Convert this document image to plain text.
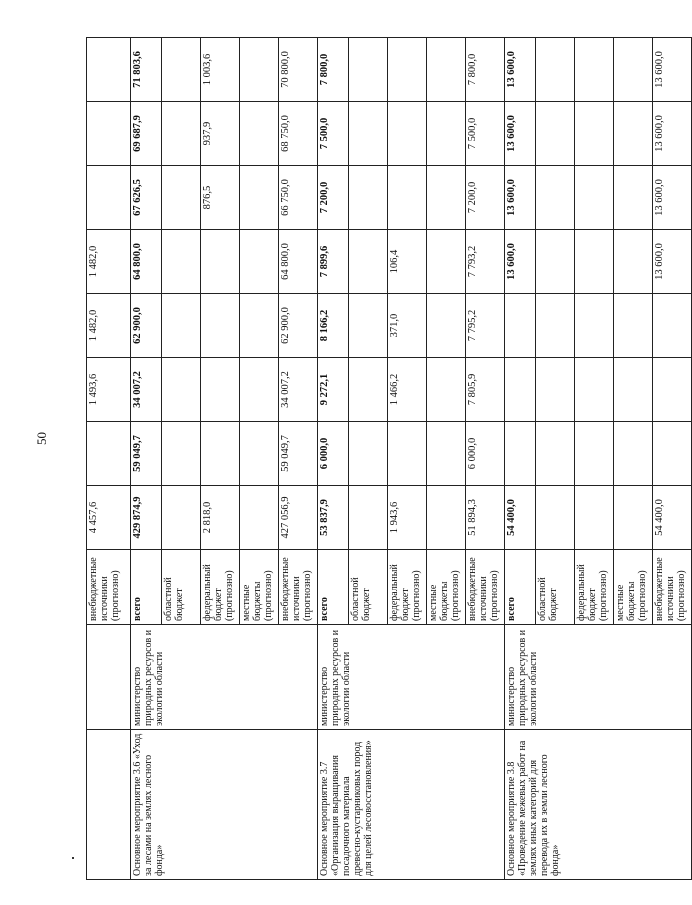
50
		внебюджетные источники (прогнозно)	4 457,6		1 493,6	1 482,0	1 482,0			
Основное мероприятие 3.6 «Уход за лесами на землях лесного фонда»	министерство природных ресурсов и экологии области	всего	429 874,9	59 049,7	34 007,2	62 900,0	64 800,0	67 626,5	69 687,9	71 803,6
		областной бюджет								
		федеральный бюджет (прогнозно)	2 818,0					876,5	937,9	1 003,6
		местные бюджеты (прогнозно)								
		внебюджетные источники (прогнозно)	427 056,9	59 049,7	34 007,2	62 900,0	64 800,0	66 750,0	68 750,0	70 800,0
Основное мероприятие 3.7 «Организация выращивания посадочного материала древесно-кустарниковых пород для целей лесовосстановления»	министерство природных ресурсов и экологии области	всего	53 837,9	6 000,0	9 272,1	8 166,2	7 899,6	7 200,0	7 500,0	7 800,0
		областной бюджет								
		федеральный бюджет (прогнозно)	1 943,6		1 466,2	371,0	106,4			
		местные бюджеты (прогнозно)								
		внебюджетные источники (прогнозно)	51 894,3	6 000,0	7 805,9	7 795,2	7 793,2	7 200,0	7 500,0	7 800,0
Основное мероприятие 3.8 «Проведение межевых работ на землях иных категорий для перевода их в земли лесного фонда»	министерство природных ресурсов и экологии области	всего	54 400,0				13 600,0	13 600,0	13 600,0	13 600,0
		областной бюджет								
		федеральный бюджет (прогнозно)								
		местные бюджеты (прогнозно)								
		внебюджетные источники (прогнозно)	54 400,0				13 600,0	13 600,0	13 600,0	13 600,0
